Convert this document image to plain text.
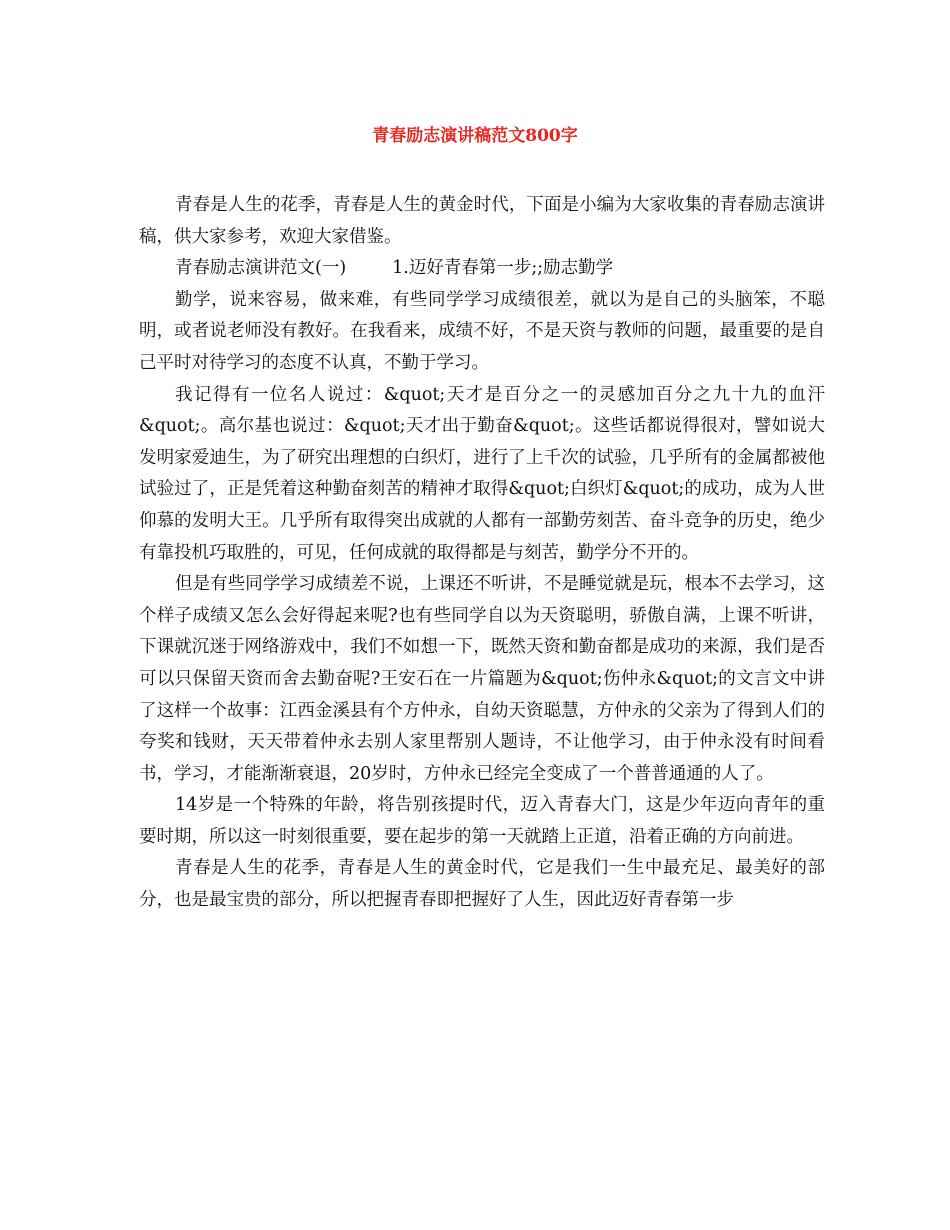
青春励志演讲稿范文800字

青春是人生的花季，青春是人生的黄金时代，下面是小编为大家收集的青春励志演讲稿，供大家参考，欢迎大家借鉴。

青春励志演讲范文(一)	1.迈好青春第一步;;励志勤学

勤学，说来容易，做来难，有些同学学习成绩很差，就以为是自己的头脑笨，不聪明，或者说老师没有教好。在我看来，成绩不好，不是天资与教师的问题，最重要的是自己平时对待学习的态度不认真，不勤于学习。

我记得有一位名人说过：&quot;天才是百分之一的灵感加百分之九十九的血汗&quot;。高尔基也说过：&quot;天才出于勤奋&quot;。这些话都说得很对，譬如说大发明家爱迪生，为了研究出理想的白织灯，进行了上千次的试验，几乎所有的金属都被他试验过了，正是凭着这种勤奋刻苦的精神才取得&quot;白织灯&quot;的成功，成为人世仰慕的发明大王。几乎所有取得突出成就的人都有一部勤劳刻苦、奋斗竞争的历史，绝少有靠投机巧取胜的，可见，任何成就的取得都是与刻苦，勤学分不开的。

但是有些同学学习成绩差不说，上课还不听讲，不是睡觉就是玩，根本不去学习，这个样子成绩又怎么会好得起来呢?也有些同学自以为天资聪明，骄傲自满，上课不听讲，下课就沉迷于网络游戏中，我们不如想一下，既然天资和勤奋都是成功的来源，我们是否可以只保留天资而舍去勤奋呢?王安石在一片篇题为&quot;伤仲永&quot;的文言文中讲了这样一个故事：江西金溪县有个方仲永，自幼天资聪慧，方仲永的父亲为了得到人们的夸奖和钱财，天天带着仲永去别人家里帮别人题诗，不让他学习，由于仲永没有时间看书，学习，才能渐渐衰退，20岁时，方仲永已经完全变成了一个普普通通的人了。

14岁是一个特殊的年龄，将告别孩提时代，迈入青春大门，这是少年迈向青年的重要时期，所以这一时刻很重要，要在起步的第一天就踏上正道，沿着正确的方向前进。

青春是人生的花季，青春是人生的黄金时代，它是我们一生中最充足、最美好的部分，也是最宝贵的部分，所以把握青春即把握好了人生，因此迈好青春第一步
